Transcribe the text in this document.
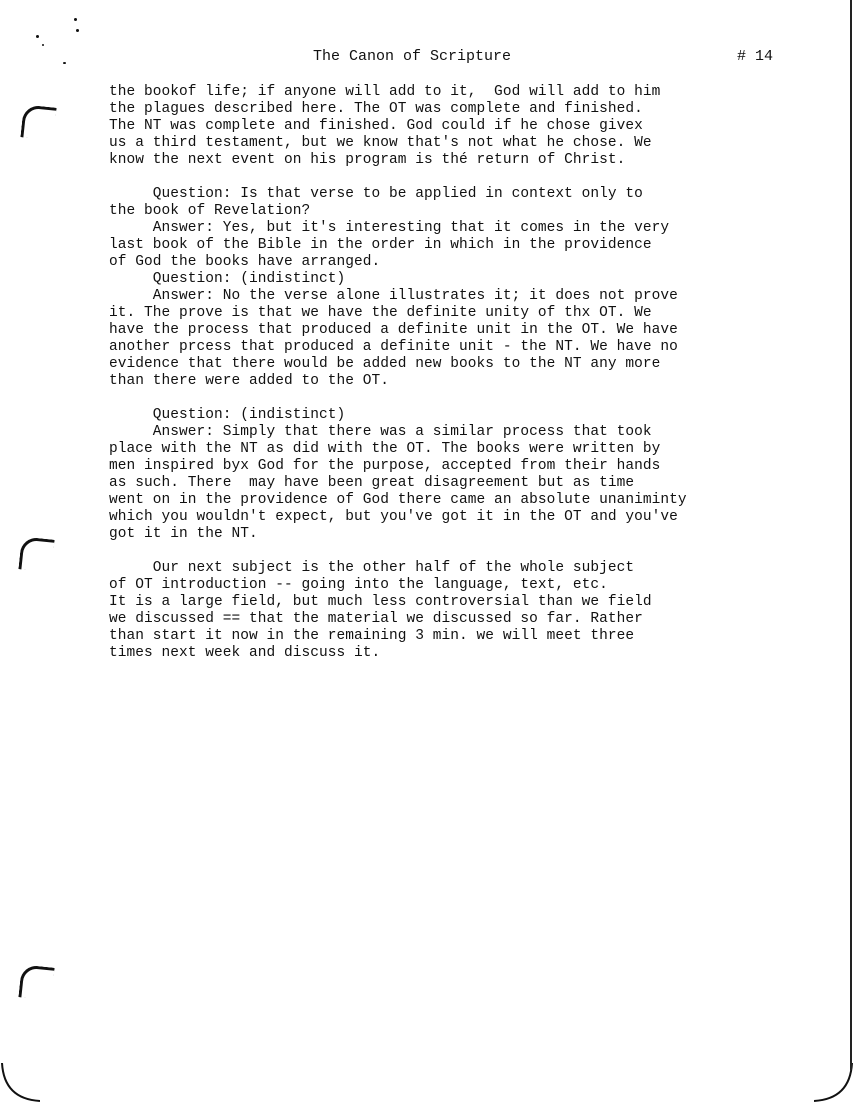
The Canon of Scripture	# 14
the bookof life; if anyone will add to it,  God will add to him
the plagues described here. The OT was complete and finished.
The NT was complete and finished. God could if he chose givex
us a third testament, but we know that's not what he chose. We
know the next event on his program is thé return of Christ.
Question: Is that verse to be applied in context only to
the book of Revelation?
Answer: Yes, but it's interesting that it comes in the very
last book of the Bible in the order in which in the providence
of God the books have arranged.
Question: (indistinct)
Answer: No the verse alone illustrates it; it does not prove
it. The prove is that we have the definite unity of thx OT. We
have the process that produced a definite unit in the OT. We have
another prcess that produced a definite unit - the NT. We have no
evidence that there would be added new books to the NT any more
than there were added to the OT.
Question: (indistinct)
Answer: Simply that there was a similar process that took
place with the NT as did with the OT. The books were written by
men inspired byx God for the purpose, accepted from their hands
as such. There  may have been great disagreement but as time
went on in the providence of God there came an absolute unaniminty
which you wouldn't expect, but you've got it in the OT and you've
got it in the NT.
Our next subject is the other half of the whole subject
of OT introduction -- going into the language, text, etc.
It is a large field, but much less controversial than we field
we discussed == that the material we discussed so far. Rather
than start it now in the remaining 3 min. we will meet three
times next week and discuss it.
